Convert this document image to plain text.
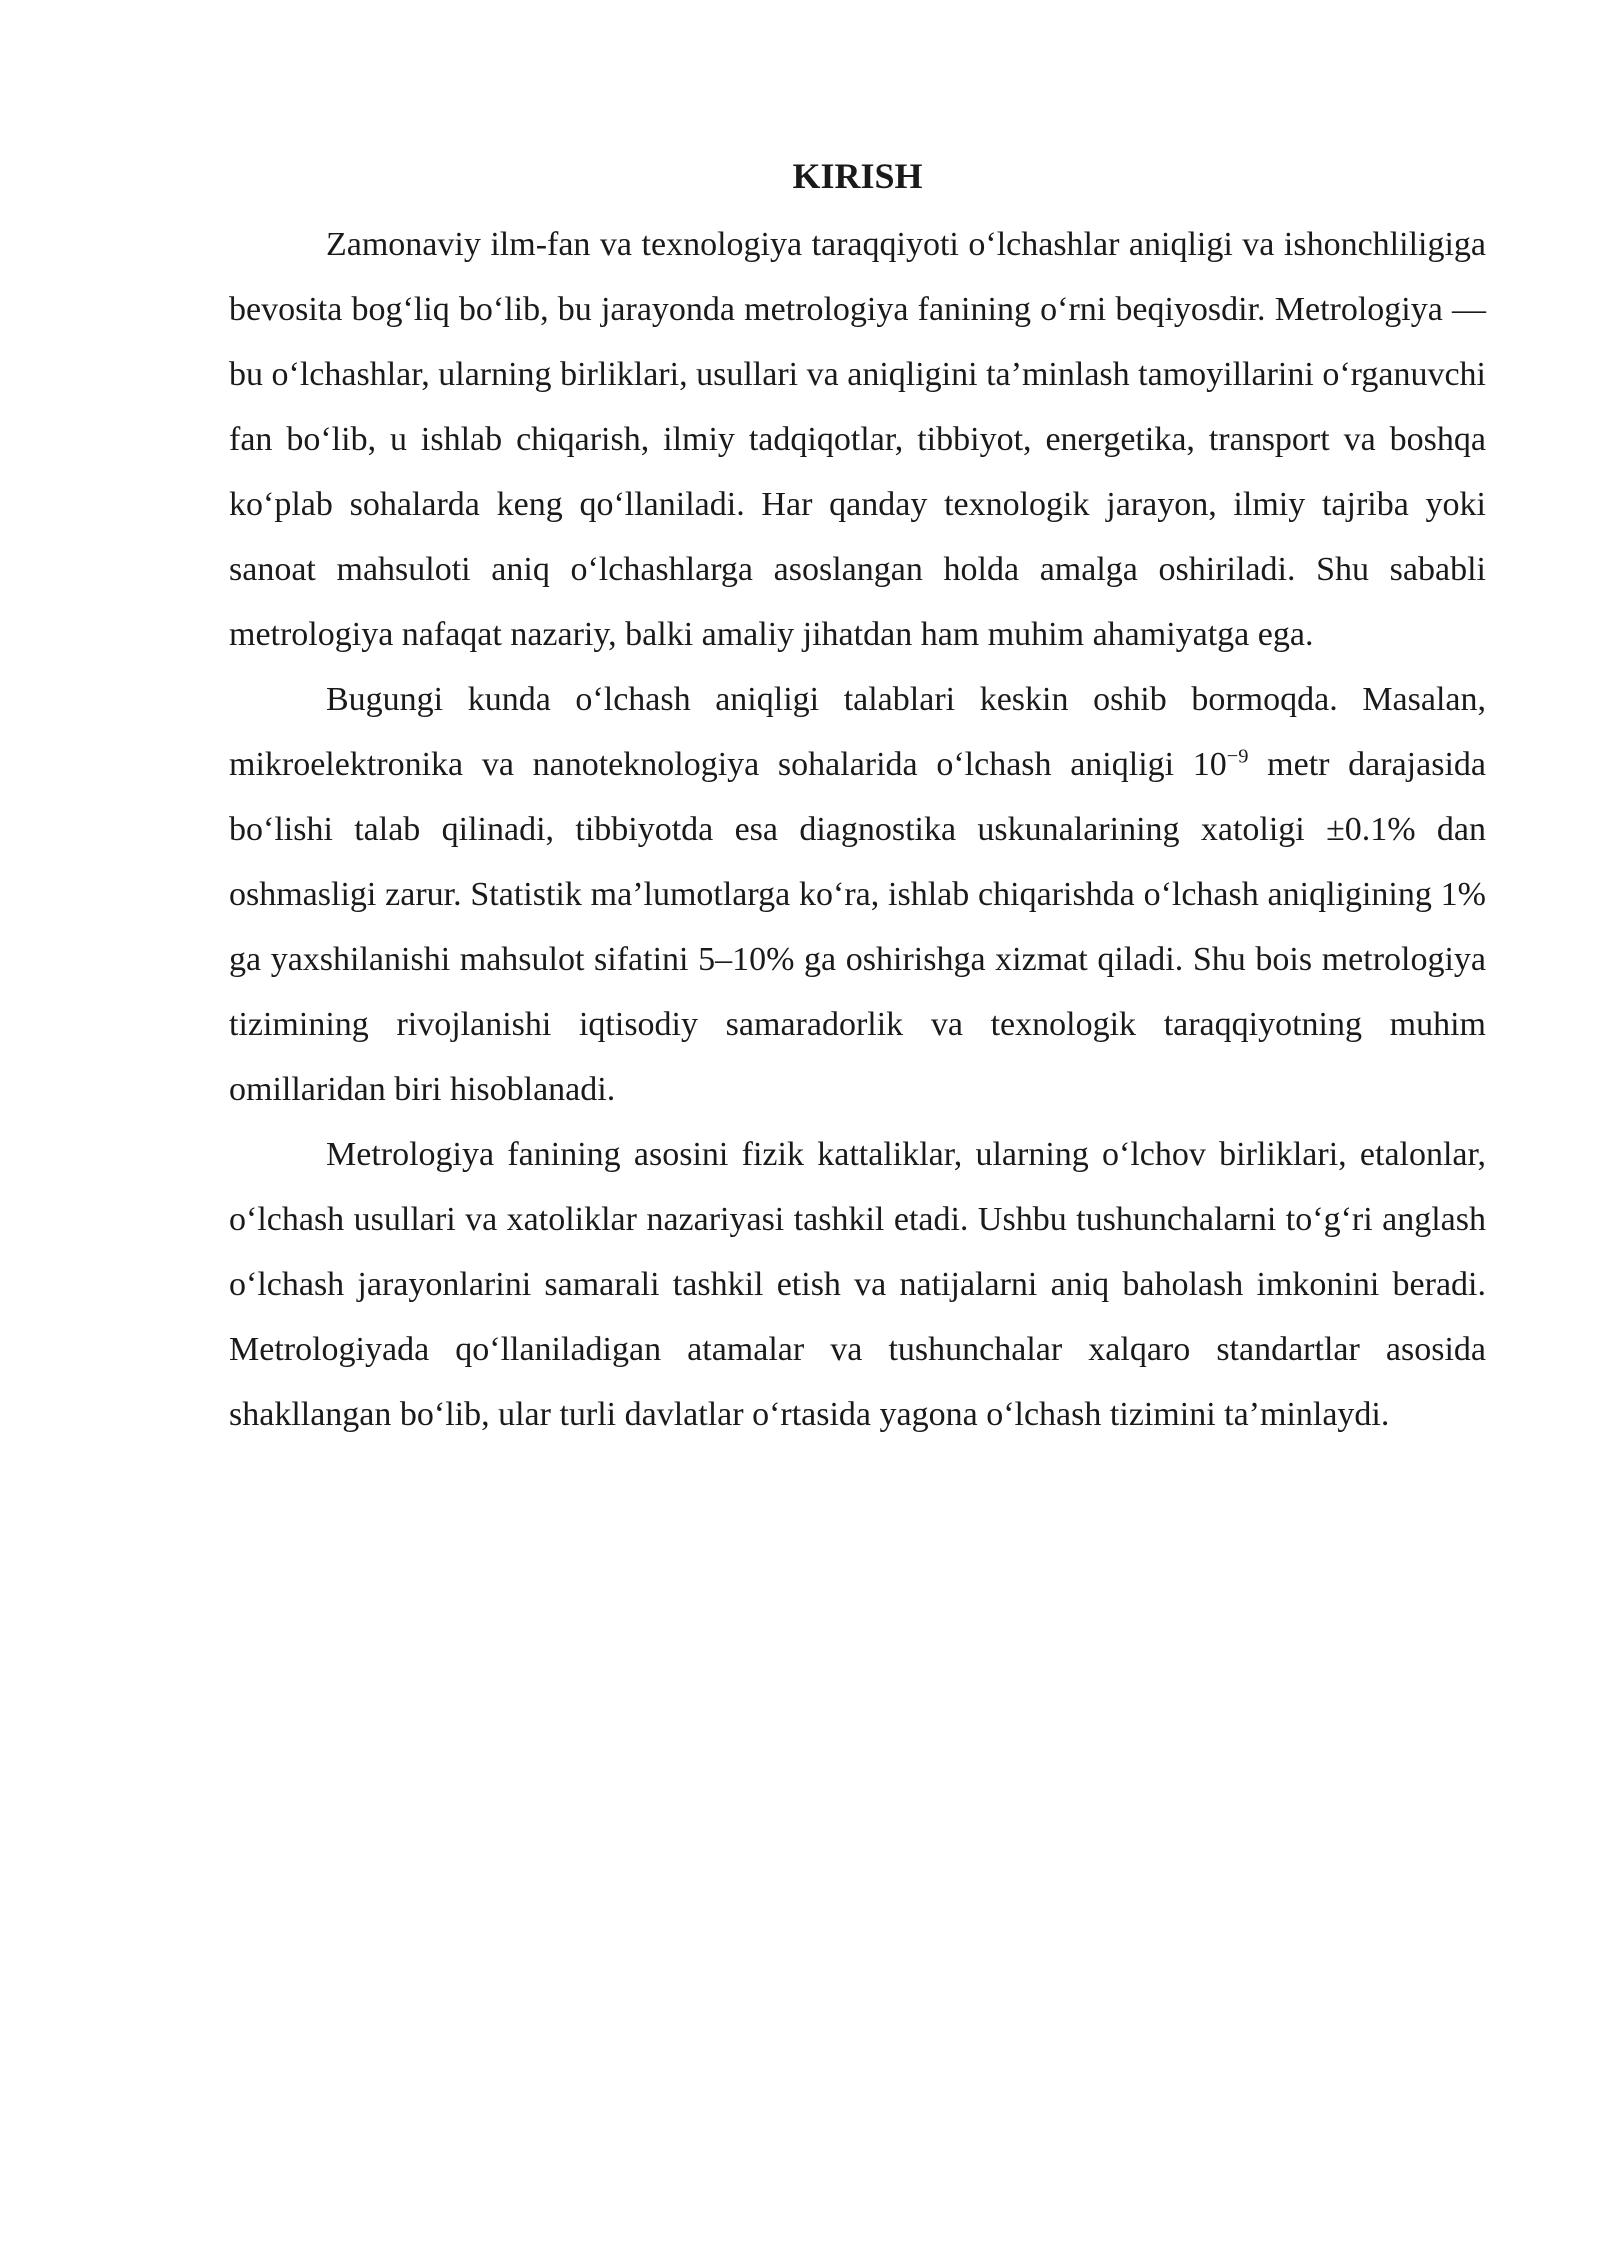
KIRISH

Zamonaviy ilm-fan va texnologiya taraqqiyoti o‘lchashlar aniqligi va ishonchliligiga bevosita bog‘liq bo‘lib, bu jarayonda metrologiya fanining o‘rni beqiyosdir. Metrologiya — bu o‘lchashlar, ularning birliklari, usullari va aniqligini ta’minlash tamoyillarini o‘rganuvchi fan bo‘lib, u ishlab chiqarish, ilmiy tadqiqotlar, tibbiyot, energetika, transport va boshqa ko‘plab sohalarda keng qo‘llaniladi. Har qanday texnologik jarayon, ilmiy tajriba yoki sanoat mahsuloti aniq o‘lchashlarga asoslangan holda amalga oshiriladi. Shu sababli metrologiya nafaqat nazariy, balki amaliy jihatdan ham muhim ahamiyatga ega.

Bugungi kunda o‘lchash aniqligi talablari keskin oshib bormoqda. Masalan, mikroelektronika va nanoteknologiya sohalarida o‘lchash aniqligi $10^{-9}$ metr darajasida bo‘lishi talab qilinadi, tibbiyotda esa diagnostika uskunalarining xatoligi ±0.1% dan oshmasligi zarur. Statistik ma’lumotlarga ko‘ra, ishlab chiqarishda o‘lchash aniqligining 1% ga yaxshilanishi mahsulot sifatini 5–10% ga oshirishga xizmat qiladi. Shu bois metrologiya tizimining rivojlanishi iqtisodiy samaradorlik va texnologik taraqqiyotning muhim omillaridan biri hisoblanadi.

Metrologiya fanining asosini fizik kattaliklar, ularning o‘lchov birliklari, etalonlar, o‘lchash usullari va xatoliklar nazariyasi tashkil etadi. Ushbu tushunchalarni to‘g‘ri anglash o‘lchash jarayonlarini samarali tashkil etish va natijalarni aniq baholash imkonini beradi. Metrologiyada qo‘llaniladigan atamalar va tushunchalar xalqaro standartlar asosida shakllangan bo‘lib, ular turli davlatlar o‘rtasida yagona o‘lchash tizimini ta’minlaydi.
